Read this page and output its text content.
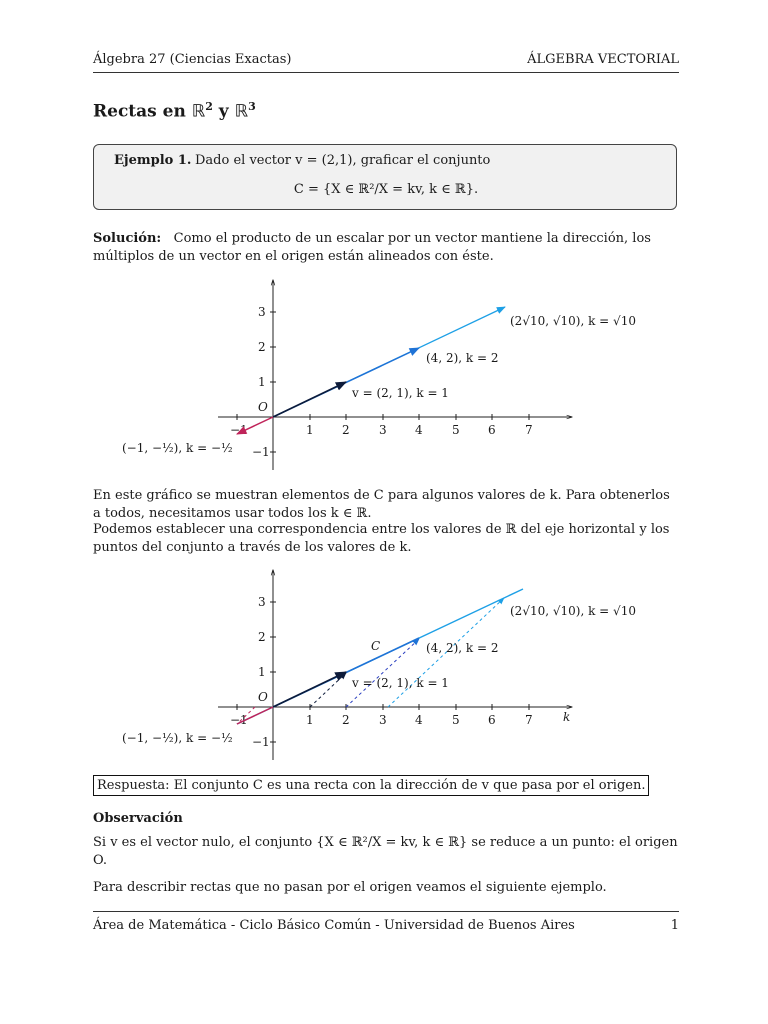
Álgebra 27 (Ciencias Exactas)	ÁLGEBRA VECTORIAL
Rectas en ℝ$^2$ y ℝ$^3$
Ejemplo 1. Dado el vector v = (2,1), graficar el conjunto
C = {X ∈ ℝ²/X = kv, k ∈ ℝ}.
Solución: Como el producto de un escalar por un vector mantiene la dirección, los múltiplos de un vector en el origen están alineados con éste.
−1	1 2 3 4 5 6 7
3
2
1
−1
O
(2√10, √10), k = √10
(4, 2), k = 2
v = (2, 1), k = 1
(−1, −½), k = −½
En este gráfico se muestran elementos de C para algunos valores de k. Para obtenerlos a todos, necesitamos usar todos los k ∈ ℝ.
Podemos establecer una correspondencia entre los valores de ℝ del eje horizontal y los puntos del conjunto a través de los valores de k.
−1	1 2 3 4 5 6 7
3
2
1
−1
O
k
C
(2√10, √10), k = √10
(4, 2), k = 2
v = (2, 1), k = 1
(−1, −½), k = −½
Respuesta: El conjunto C es una recta con la dirección de v que pasa por el origen.
Observación
Si v es el vector nulo, el conjunto {X ∈ ℝ²/X = kv, k ∈ ℝ} se reduce a un punto: el origen O.
Para describir rectas que no pasan por el origen veamos el siguiente ejemplo.
Área de Matemática - Ciclo Básico Común - Universidad de Buenos Aires	1
